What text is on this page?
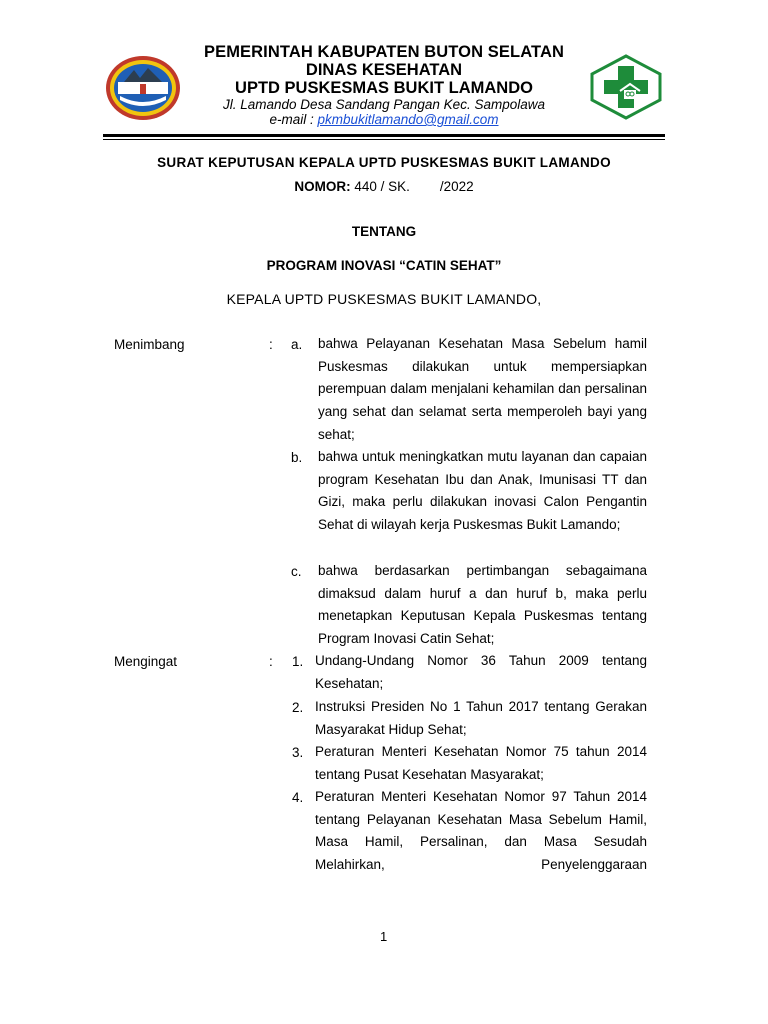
PEMERINTAH KABUPATEN BUTON SELATAN
DINAS KESEHATAN
UPTD PUSKESMAS BUKIT LAMANDO
Jl. Lamando Desa Sandang Pangan Kec. Sampolawa
e-mail : pkmbukitlamando@gmail.com
SURAT KEPUTUSAN KEPALA UPTD PUSKESMAS BUKIT LAMANDO
NOMOR: 440 / SK.        /2022
TENTANG
PROGRAM INOVASI “CATIN SEHAT”
KEPALA UPTD PUSKESMAS BUKIT LAMANDO,
Menimbang	: a. bahwa Pelayanan Kesehatan Masa Sebelum hamil Puskesmas dilakukan untuk mempersiapkan perempuan dalam menjalani kehamilan dan persalinan yang sehat dan selamat serta memperoleh bayi yang sehat;

b. bahwa untuk meningkatkan mutu layanan dan capaian program Kesehatan Ibu dan Anak, Imunisasi TT dan Gizi, maka perlu dilakukan inovasi Calon Pengantin Sehat di wilayah kerja Puskesmas Bukit Lamando;

c. bahwa berdasarkan pertimbangan sebagaimana dimaksud dalam huruf a dan huruf b, maka perlu menetapkan Keputusan Kepala Puskesmas tentang Program Inovasi Catin Sehat;

Mengingat	: 1. Undang-Undang Nomor 36 Tahun 2009 tentang Kesehatan;

2. Instruksi Presiden No 1 Tahun 2017 tentang Gerakan Masyarakat Hidup Sehat;

3. Peraturan Menteri Kesehatan Nomor 75 tahun 2014 tentang Pusat Kesehatan Masyarakat;

4. Peraturan Menteri Kesehatan Nomor 97 Tahun 2014 tentang Pelayanan Kesehatan Masa Sebelum Hamil, Masa Hamil, Persalinan, dan Masa Sesudah Melahirkan, Penyelenggaraan

1
